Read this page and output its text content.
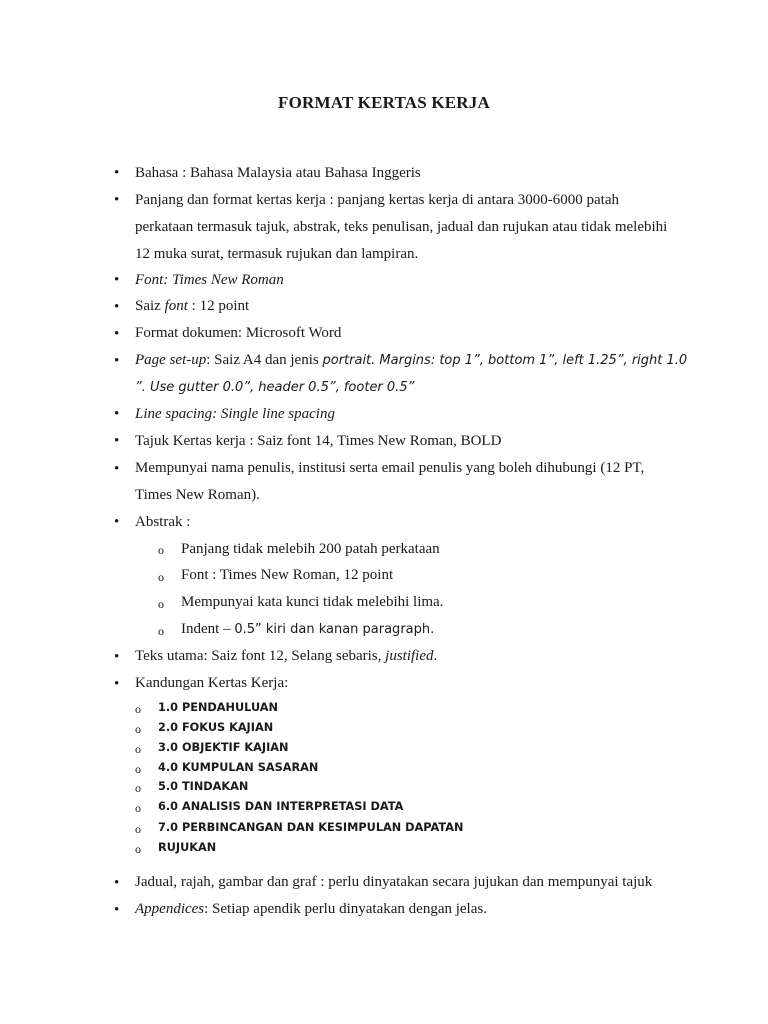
FORMAT KERTAS KERJA
• Bahasa : Bahasa Malaysia atau Bahasa Inggeris
• Panjang dan format kertas kerja : panjang kertas kerja di antara 3000-6000 patah
perkataan termasuk tajuk, abstrak, teks penulisan, jadual dan rujukan atau tidak melebihi
12 muka surat, termasuk rujukan dan lampiran.
• Font: Times New Roman
• Saiz font : 12 point
• Format dokumen: Microsoft Word
• Page set-up: Saiz A4 dan jenis portrait. Margins: top 1”, bottom 1”, left 1.25”, right 1.0
”. Use gutter 0.0”, header 0.5”, footer 0.5”
• Line spacing: Single line spacing
• Tajuk Kertas kerja : Saiz font 14, Times New Roman, BOLD
• Mempunyai nama penulis, institusi serta email penulis yang boleh dihubungi (12 PT,
Times New Roman).
• Abstrak :
o Panjang tidak melebih 200 patah perkataan
o Font : Times New Roman, 12 point
o Mempunyai kata kunci tidak melebihi lima.
o Indent – 0.5” kiri dan kanan paragraph.
• Teks utama: Saiz font 12, Selang sebaris, justified.
• Kandungan Kertas Kerja:
o 1.0 PENDAHULUAN
o 2.0 FOKUS KAJIAN
o 3.0 OBJEKTIF KAJIAN
o 4.0 KUMPULAN SASARAN
o 5.0 TINDAKAN
o 6.0 ANALISIS DAN INTERPRETASI DATA
o 7.0 PERBINCANGAN DAN KESIMPULAN DAPATAN
o RUJUKAN
• Jadual, rajah, gambar dan graf : perlu dinyatakan secara jujukan dan mempunyai tajuk
• Appendices: Setiap apendik perlu dinyatakan dengan jelas.
